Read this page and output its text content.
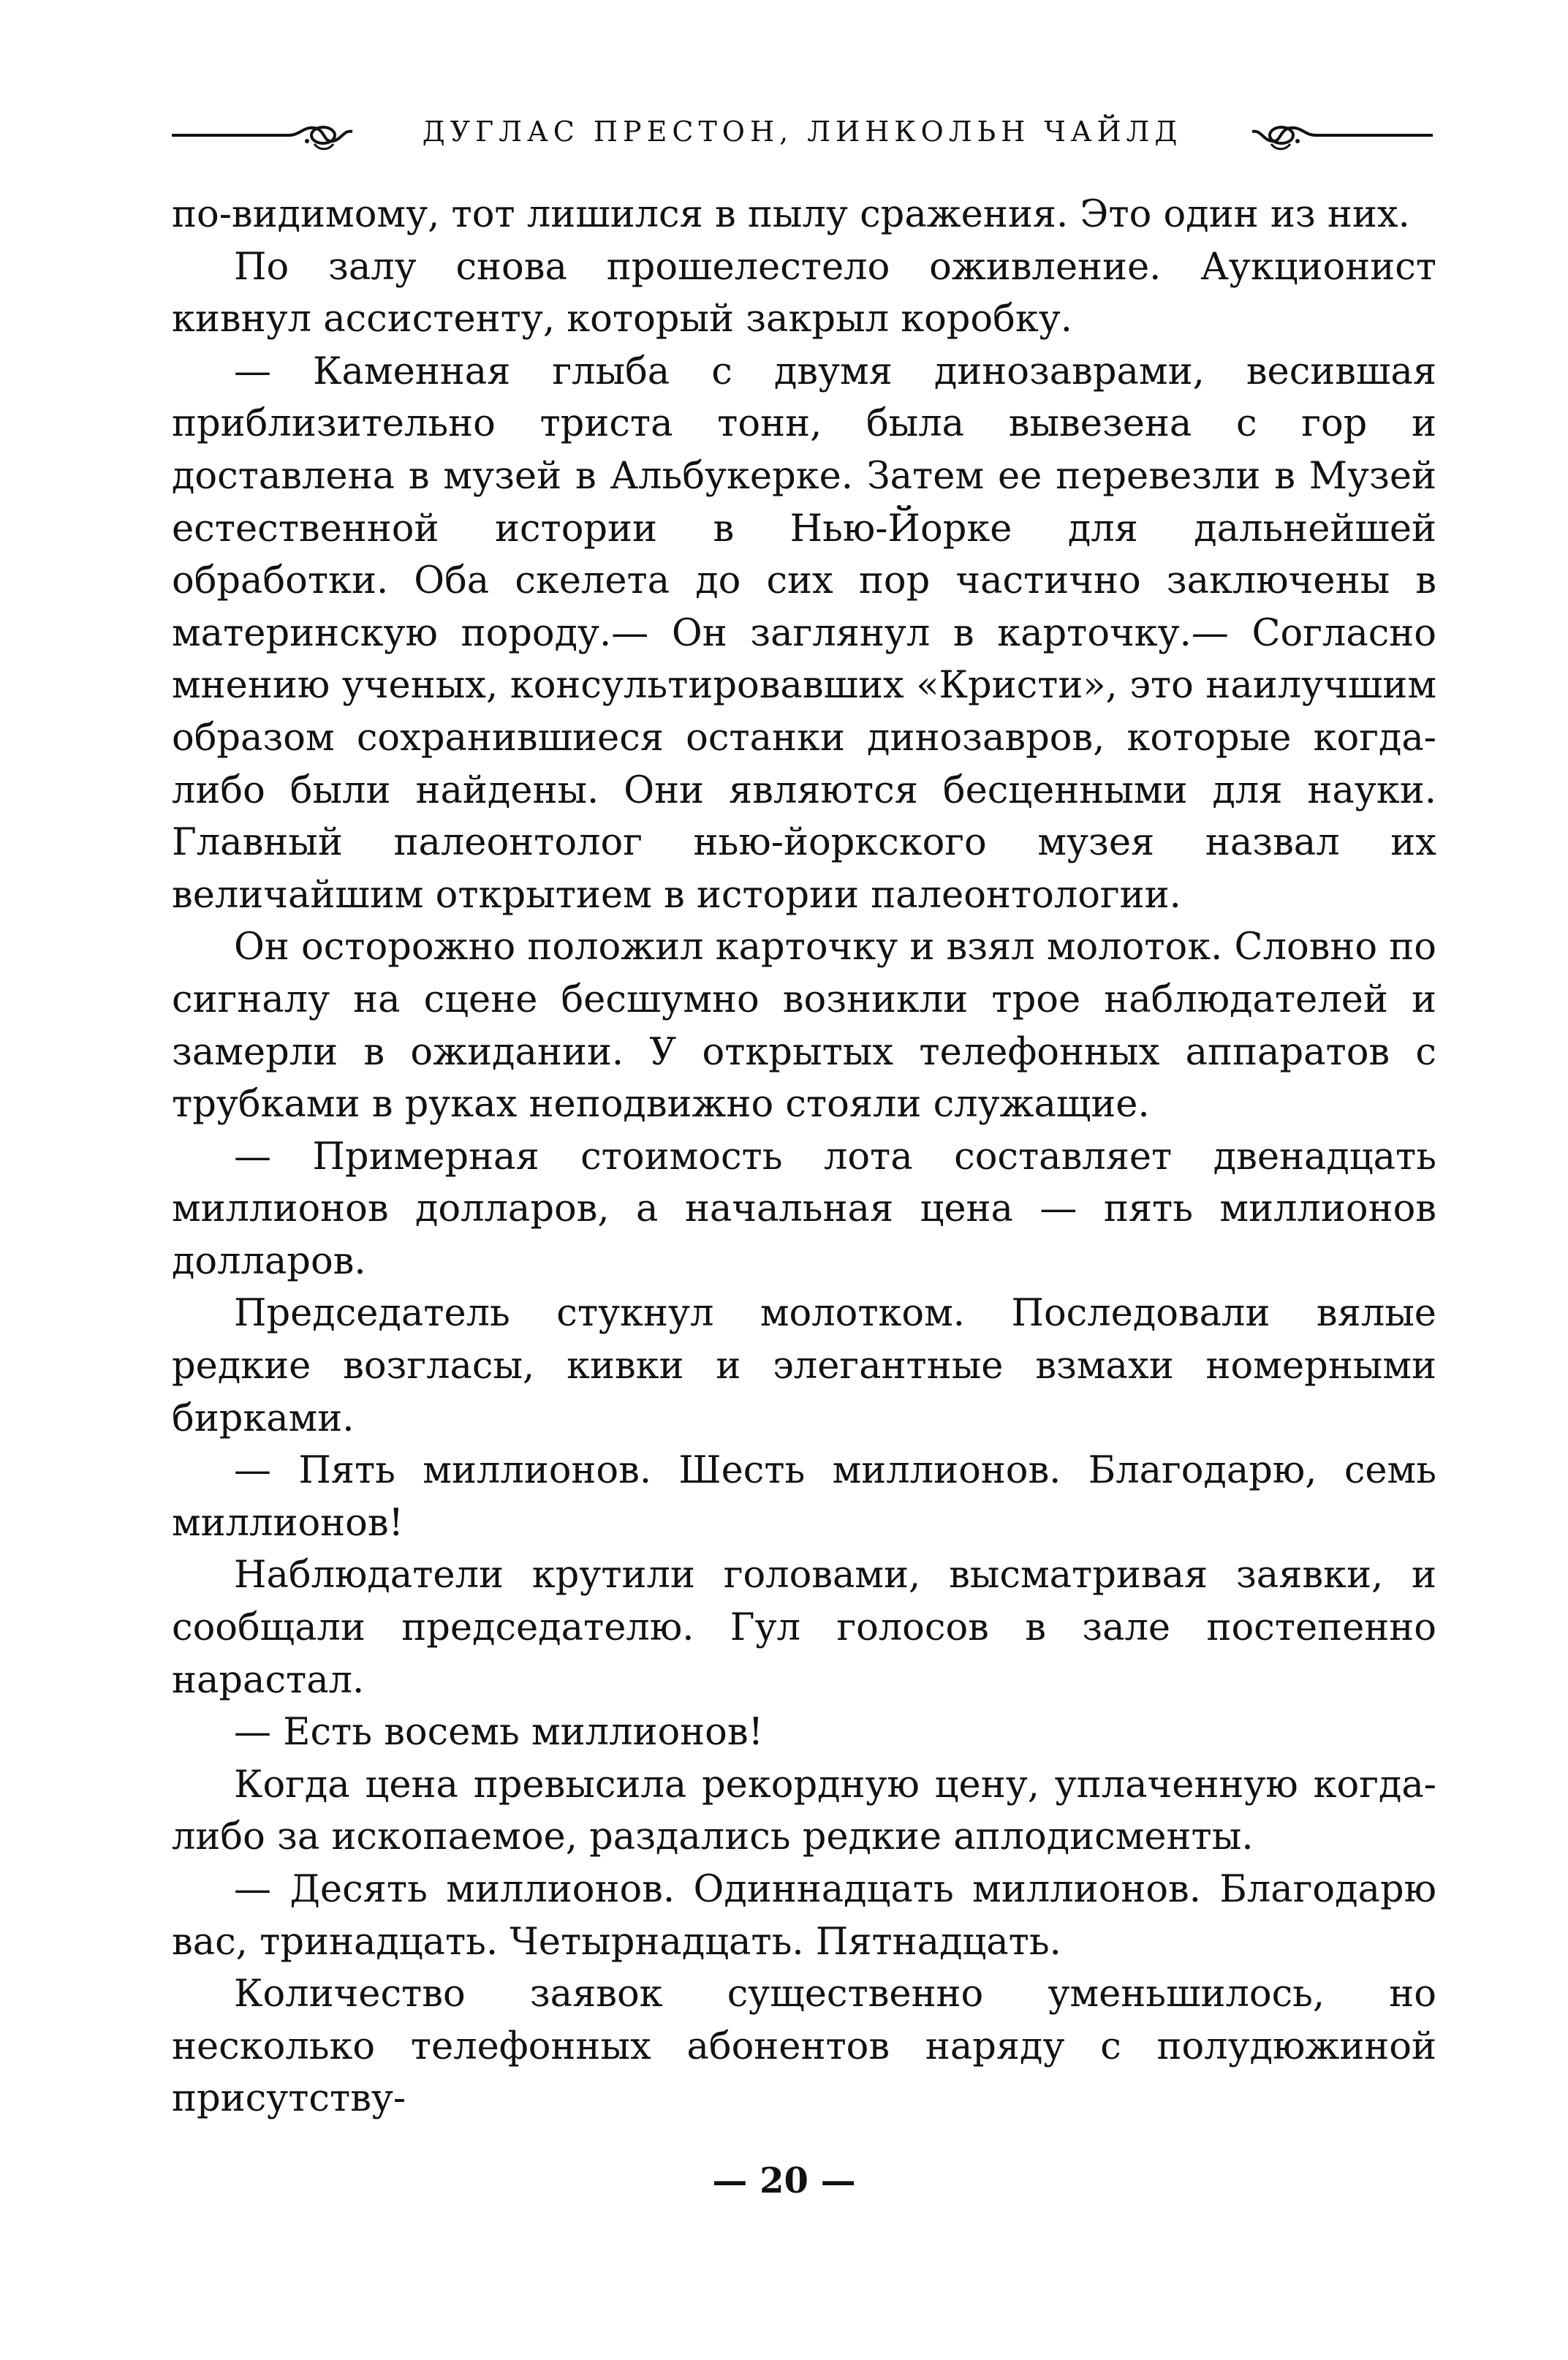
ДУГЛАС ПРЕСТОН, ЛИНКОЛЬН ЧАЙЛД

по-видимому, тот лишился в пылу сражения. Это один из них.

По залу снова прошелестело оживление. Аукционист кивнул ассистенту, который закрыл коробку.

— Каменная глыба с двумя динозаврами, весившая приблизительно триста тонн, была вывезена с гор и доставлена в музей в Альбукерке. Затем ее перевезли в Музей естественной истории в Нью-Йорке для дальнейшей обработки. Оба скелета до сих пор частично заключены в материнскую породу.— Он заглянул в карточку.— Согласно мнению ученых, консультировавших «Кристи», это наилучшим образом сохранившиеся останки динозавров, которые когда-либо были найдены. Они являются бесценными для науки. Главный палеонтолог нью-йоркского музея назвал их величайшим открытием в истории палеонтологии.

Он осторожно положил карточку и взял молоток. Словно по сигналу на сцене бесшумно возникли трое наблюдателей и замерли в ожидании. У открытых телефонных аппаратов с трубками в руках неподвижно стояли служащие.

— Примерная стоимость лота составляет двенадцать миллионов долларов, а начальная цена — пять миллионов долларов.

Председатель стукнул молотком. Последовали вялые редкие возгласы, кивки и элегантные взмахи номерными бирками.

— Пять миллионов. Шесть миллионов. Благодарю, семь миллионов!

Наблюдатели крутили головами, высматривая заявки, и сообщали председателю. Гул голосов в зале постепенно нарастал.

— Есть восемь миллионов!

Когда цена превысила рекордную цену, уплаченную когда-либо за ископаемое, раздались редкие аплодисменты.

— Десять миллионов. Одиннадцать миллионов. Благодарю вас, тринадцать. Четырнадцать. Пятнадцать.

Количество заявок существенно уменьшилось, но несколько телефонных абонентов наряду с полудюжиной присутству-

— 20 —
